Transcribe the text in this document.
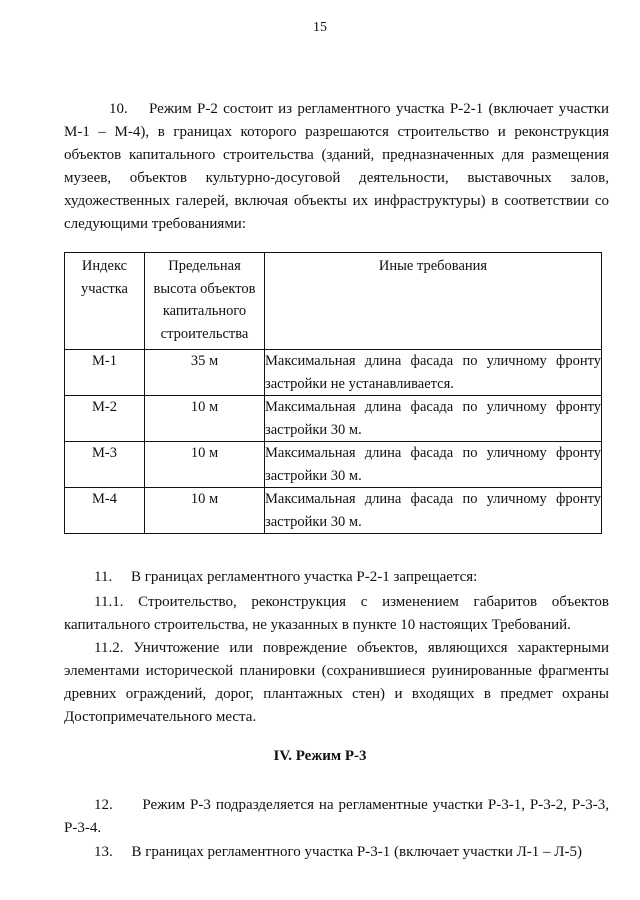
15
10.    Режим Р-2 состоит из регламентного участка Р-2-1 (включает участки М-1 – М-4), в границах которого разрешаются строительство и реконструкция объектов капитального строительства (зданий, предназначенных для размещения музеев, объектов культурно-досуговой деятельности, выставочных залов, художественных галерей, включая объекты их инфраструктуры) в соответствии со следующими требованиями:
Индекс участка	Предельная высота объектов капитального строительства	Иные требования
М-1	35 м	Максимальная длина фасада по уличному фронту застройки не устанавливается.
М-2	10 м	Максимальная длина фасада по уличному фронту застройки 30 м.
М-3	10 м	Максимальная длина фасада по уличному фронту застройки 30 м.
М-4	10 м	Максимальная длина фасада по уличному фронту застройки 30 м.
11.     В границах регламентного участка Р-2-1 запрещается:
11.1. Строительство, реконструкция с изменением габаритов объектов капитального строительства, не указанных в пункте 10 настоящих Требований.
11.2. Уничтожение или повреждение объектов, являющихся характерными элементами исторической планировки (сохранившиеся руинированные фрагменты древних ограждений, дорог, плантажных стен) и входящих в предмет охраны Достопримечательного места.
IV. Режим Р-3
12.      Режим Р-3 подразделяется на регламентные участки Р-3-1, Р-3-2, Р-3-3, Р-3-4.
13.     В границах регламентного участка Р-3-1 (включает участки Л-1 – Л-5)
